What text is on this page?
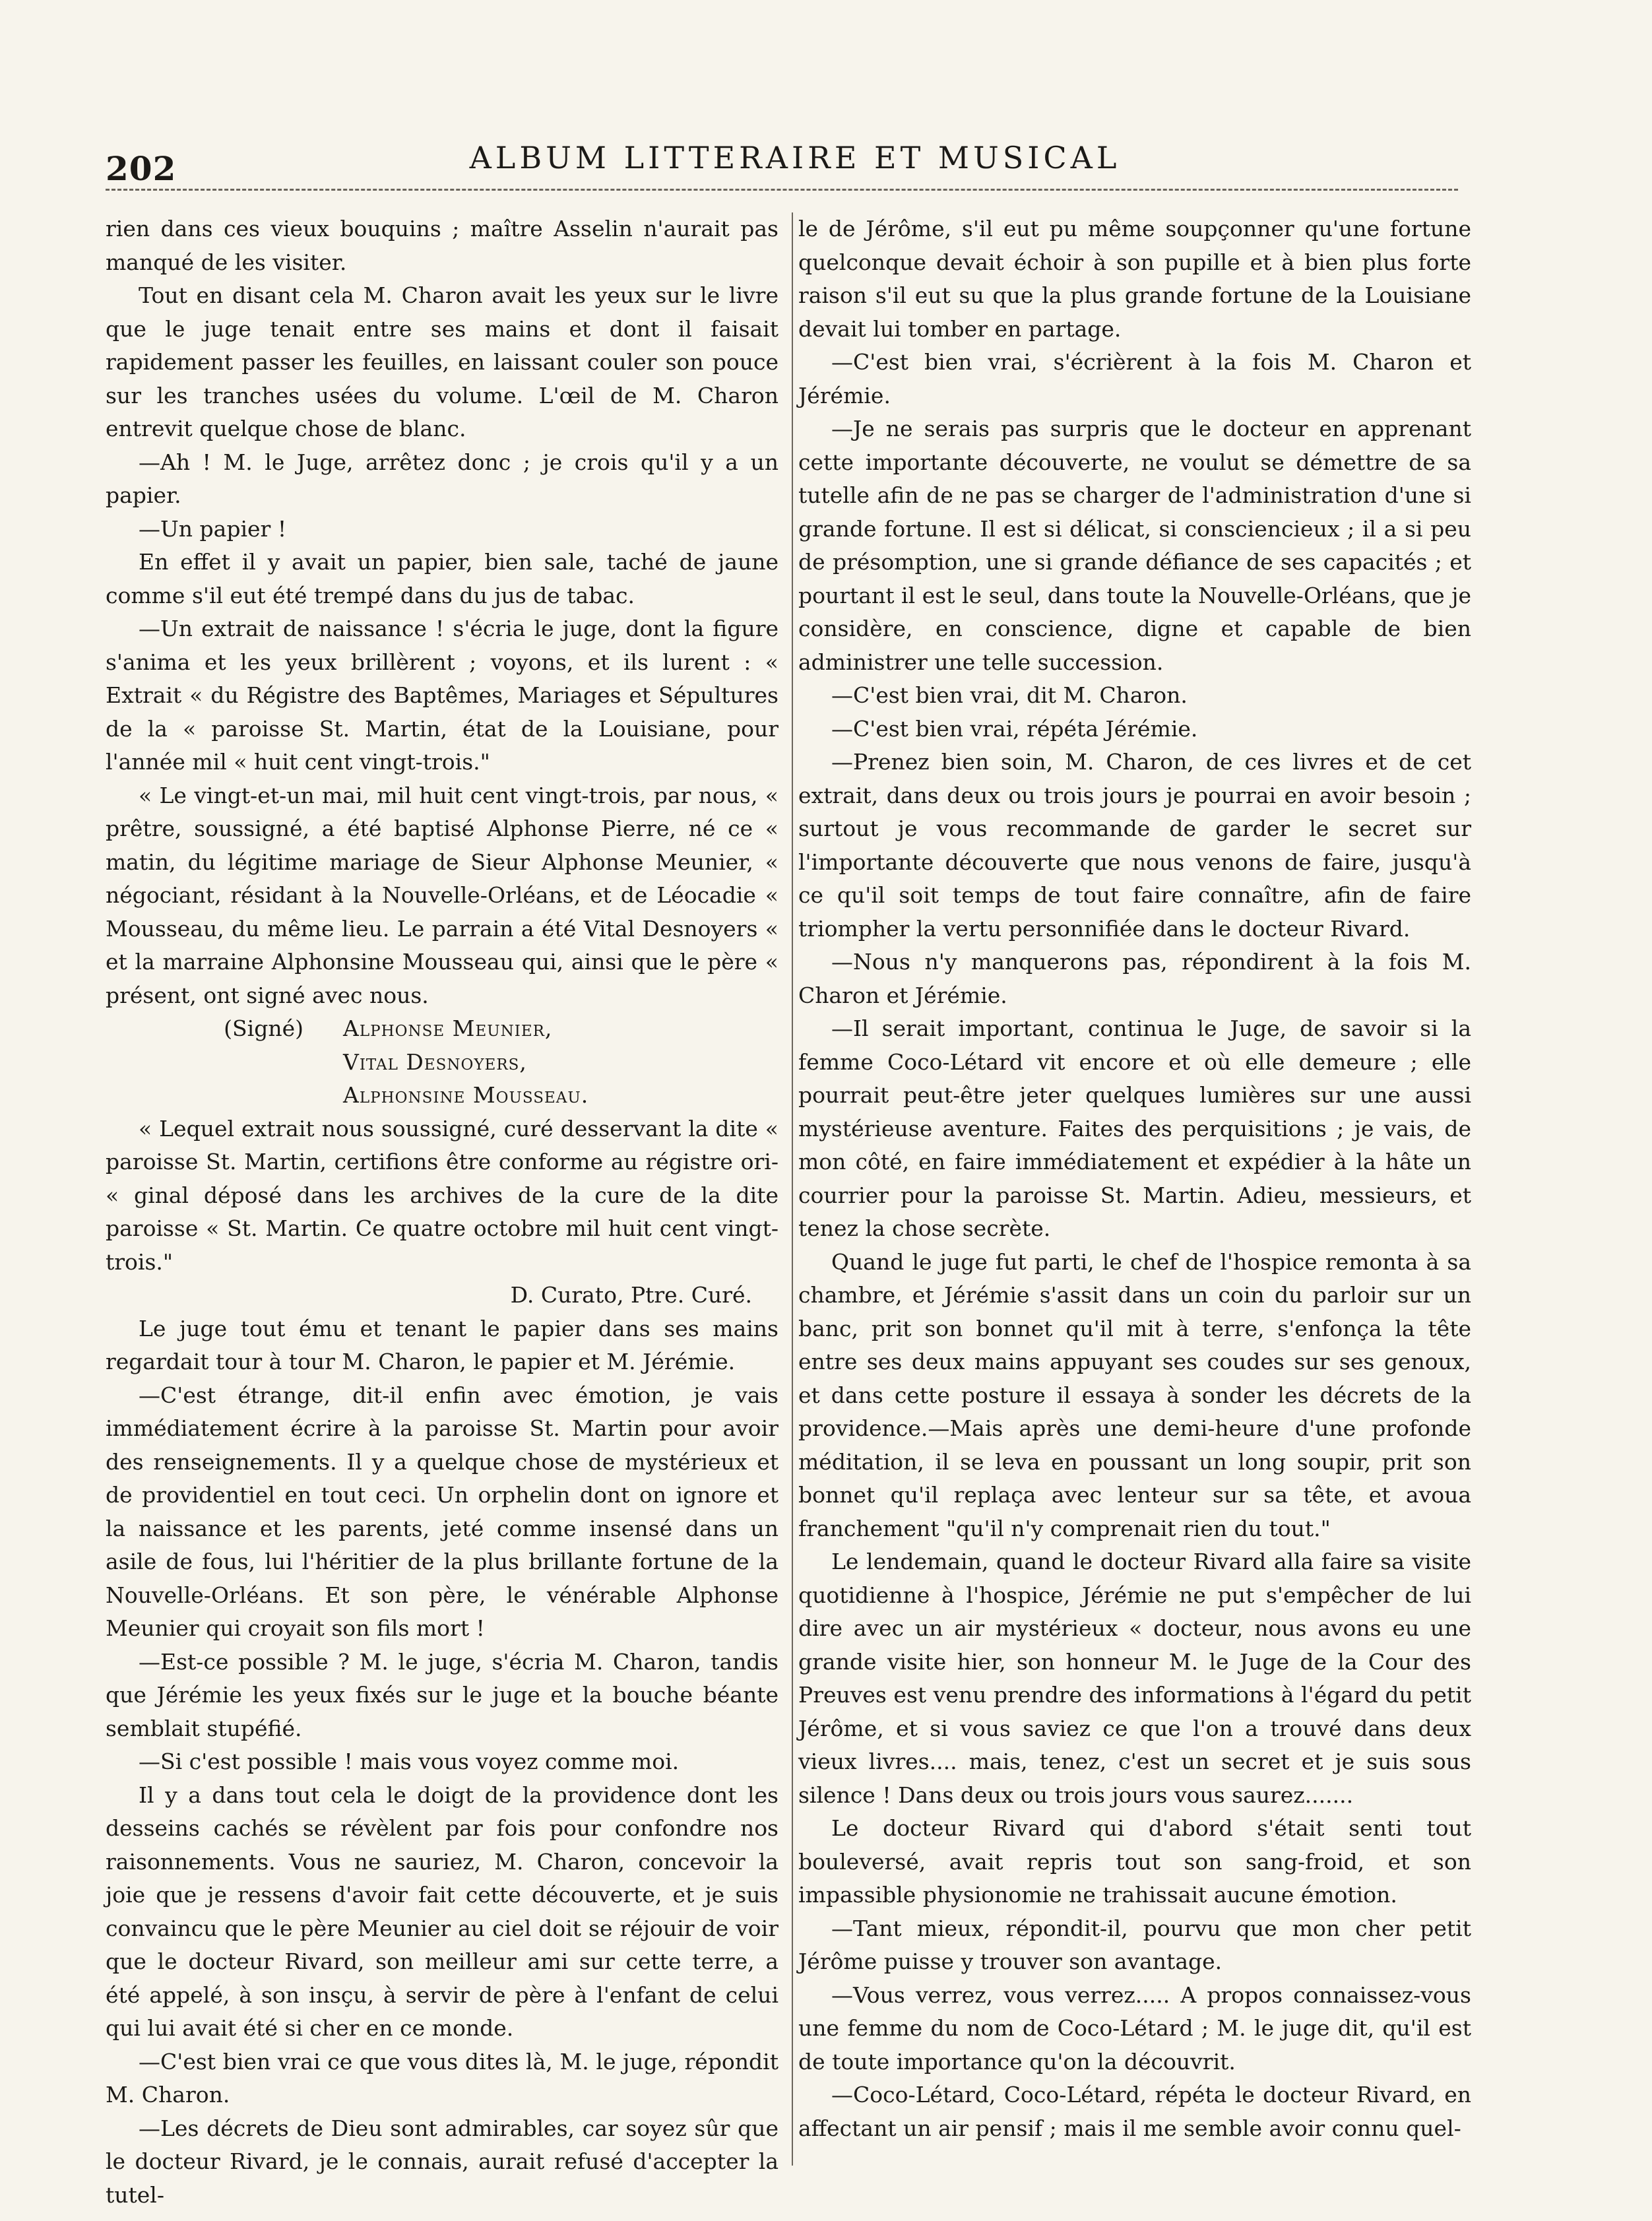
202	ALBUM LITTERAIRE ET MUSICAL

rien dans ces vieux bouquins ; maître Asselin n'aurait pas manqué de les visiter.

Tout en disant cela M. Charon avait les yeux sur le livre que le juge tenait entre ses mains et dont il faisait rapidement passer les feuilles, en laissant couler son pouce sur les tranches usées du volume. L'œil de M. Charon entrevit quelque chose de blanc.

—Ah ! M. le Juge, arrêtez donc ; je crois qu'il y a un papier.

—Un papier !

En effet il y avait un papier, bien sale, taché de jaune comme s'il eut été trempé dans du jus de tabac.

—Un extrait de naissance ! s'écria le juge, dont la figure s'anima et les yeux brillèrent ; voyons, et ils lurent : « Extrait « du Régistre des Baptêmes, Mariages et Sépultures de la « paroisse St. Martin, état de la Louisiane, pour l'année mil « huit cent vingt-trois."

« Le vingt-et-un mai, mil huit cent vingt-trois, par nous, « prêtre, soussigné, a été baptisé Alphonse Pierre, né ce « matin, du légitime mariage de Sieur Alphonse Meunier, « négociant, résidant à la Nouvelle-Orléans, et de Léocadie « Mousseau, du même lieu. Le parrain a été Vital Desnoyers « et la marraine Alphonsine Mousseau qui, ainsi que le père « présent, ont signé avec nous.

(Signé)	Alphonse Meunier,
Vital Desnoyers,
Alphonsine Mousseau.

« Lequel extrait nous soussigné, curé desservant la dite « paroisse St. Martin, certifions être conforme au régistre ori- « ginal déposé dans les archives de la cure de la dite paroisse « St. Martin. Ce quatre octobre mil huit cent vingt-trois."

D. Curato, Ptre. Curé.

Le juge tout ému et tenant le papier dans ses mains regardait tour à tour M. Charon, le papier et M. Jérémie.

—C'est étrange, dit-il enfin avec émotion, je vais immédiatement écrire à la paroisse St. Martin pour avoir des renseignements. Il y a quelque chose de mystérieux et de providentiel en tout ceci. Un orphelin dont on ignore et la naissance et les parents, jeté comme insensé dans un asile de fous, lui l'héritier de la plus brillante fortune de la Nouvelle-Orléans. Et son père, le vénérable Alphonse Meunier qui croyait son fils mort !

—Est-ce possible ? M. le juge, s'écria M. Charon, tandis que Jérémie les yeux fixés sur le juge et la bouche béante semblait stupéfié.

—Si c'est possible ! mais vous voyez comme moi.

Il y a dans tout cela le doigt de la providence dont les desseins cachés se révèlent par fois pour confondre nos raisonnements. Vous ne sauriez, M. Charon, concevoir la joie que je ressens d'avoir fait cette découverte, et je suis convaincu que le père Meunier au ciel doit se réjouir de voir que le docteur Rivard, son meilleur ami sur cette terre, a été appelé, à son insçu, à servir de père à l'enfant de celui qui lui avait été si cher en ce monde.

—C'est bien vrai ce que vous dites là, M. le juge, répondit M. Charon.

—Les décrets de Dieu sont admirables, car soyez sûr que le docteur Rivard, je le connais, aurait refusé d'accepter la tutel-

le de Jérôme, s'il eut pu même soupçonner qu'une fortune quelconque devait échoir à son pupille et à bien plus forte raison s'il eut su que la plus grande fortune de la Louisiane devait lui tomber en partage.

—C'est bien vrai, s'écrièrent à la fois M. Charon et Jérémie.

—Je ne serais pas surpris que le docteur en apprenant cette importante découverte, ne voulut se démettre de sa tutelle afin de ne pas se charger de l'administration d'une si grande fortune. Il est si délicat, si consciencieux ; il a si peu de présomption, une si grande défiance de ses capacités ; et pourtant il est le seul, dans toute la Nouvelle-Orléans, que je considère, en conscience, digne et capable de bien administrer une telle succession.

—C'est bien vrai, dit M. Charon.

—C'est bien vrai, répéta Jérémie.

—Prenez bien soin, M. Charon, de ces livres et de cet extrait, dans deux ou trois jours je pourrai en avoir besoin ; surtout je vous recommande de garder le secret sur l'importante découverte que nous venons de faire, jusqu'à ce qu'il soit temps de tout faire connaître, afin de faire triompher la vertu personnifiée dans le docteur Rivard.

—Nous n'y manquerons pas, répondirent à la fois M. Charon et Jérémie.

—Il serait important, continua le Juge, de savoir si la femme Coco-Létard vit encore et où elle demeure ; elle pourrait peut-être jeter quelques lumières sur une aussi mystérieuse aventure. Faites des perquisitions ; je vais, de mon côté, en faire immédiatement et expédier à la hâte un courrier pour la paroisse St. Martin. Adieu, messieurs, et tenez la chose secrète.

Quand le juge fut parti, le chef de l'hospice remonta à sa chambre, et Jérémie s'assit dans un coin du parloir sur un banc, prit son bonnet qu'il mit à terre, s'enfonça la tête entre ses deux mains appuyant ses coudes sur ses genoux, et dans cette posture il essaya à sonder les décrets de la providence.—Mais après une demi-heure d'une profonde méditation, il se leva en poussant un long soupir, prit son bonnet qu'il replaça avec lenteur sur sa tête, et avoua franchement "qu'il n'y comprenait rien du tout."

Le lendemain, quand le docteur Rivard alla faire sa visite quotidienne à l'hospice, Jérémie ne put s'empêcher de lui dire avec un air mystérieux « docteur, nous avons eu une grande visite hier, son honneur M. le Juge de la Cour des Preuves est venu prendre des informations à l'égard du petit Jérôme, et si vous saviez ce que l'on a trouvé dans deux vieux livres.... mais, tenez, c'est un secret et je suis sous silence ! Dans deux ou trois jours vous saurez.......

Le docteur Rivard qui d'abord s'était senti tout bouleversé, avait repris tout son sang-froid, et son impassible physionomie ne trahissait aucune émotion.

—Tant mieux, répondit-il, pourvu que mon cher petit Jérôme puisse y trouver son avantage.

—Vous verrez, vous verrez..... A propos connaissez-vous une femme du nom de Coco-Létard ; M. le juge dit, qu'il est de toute importance qu'on la découvrit.

—Coco-Létard, Coco-Létard, répéta le docteur Rivard, en affectant un air pensif ; mais il me semble avoir connu quel-
